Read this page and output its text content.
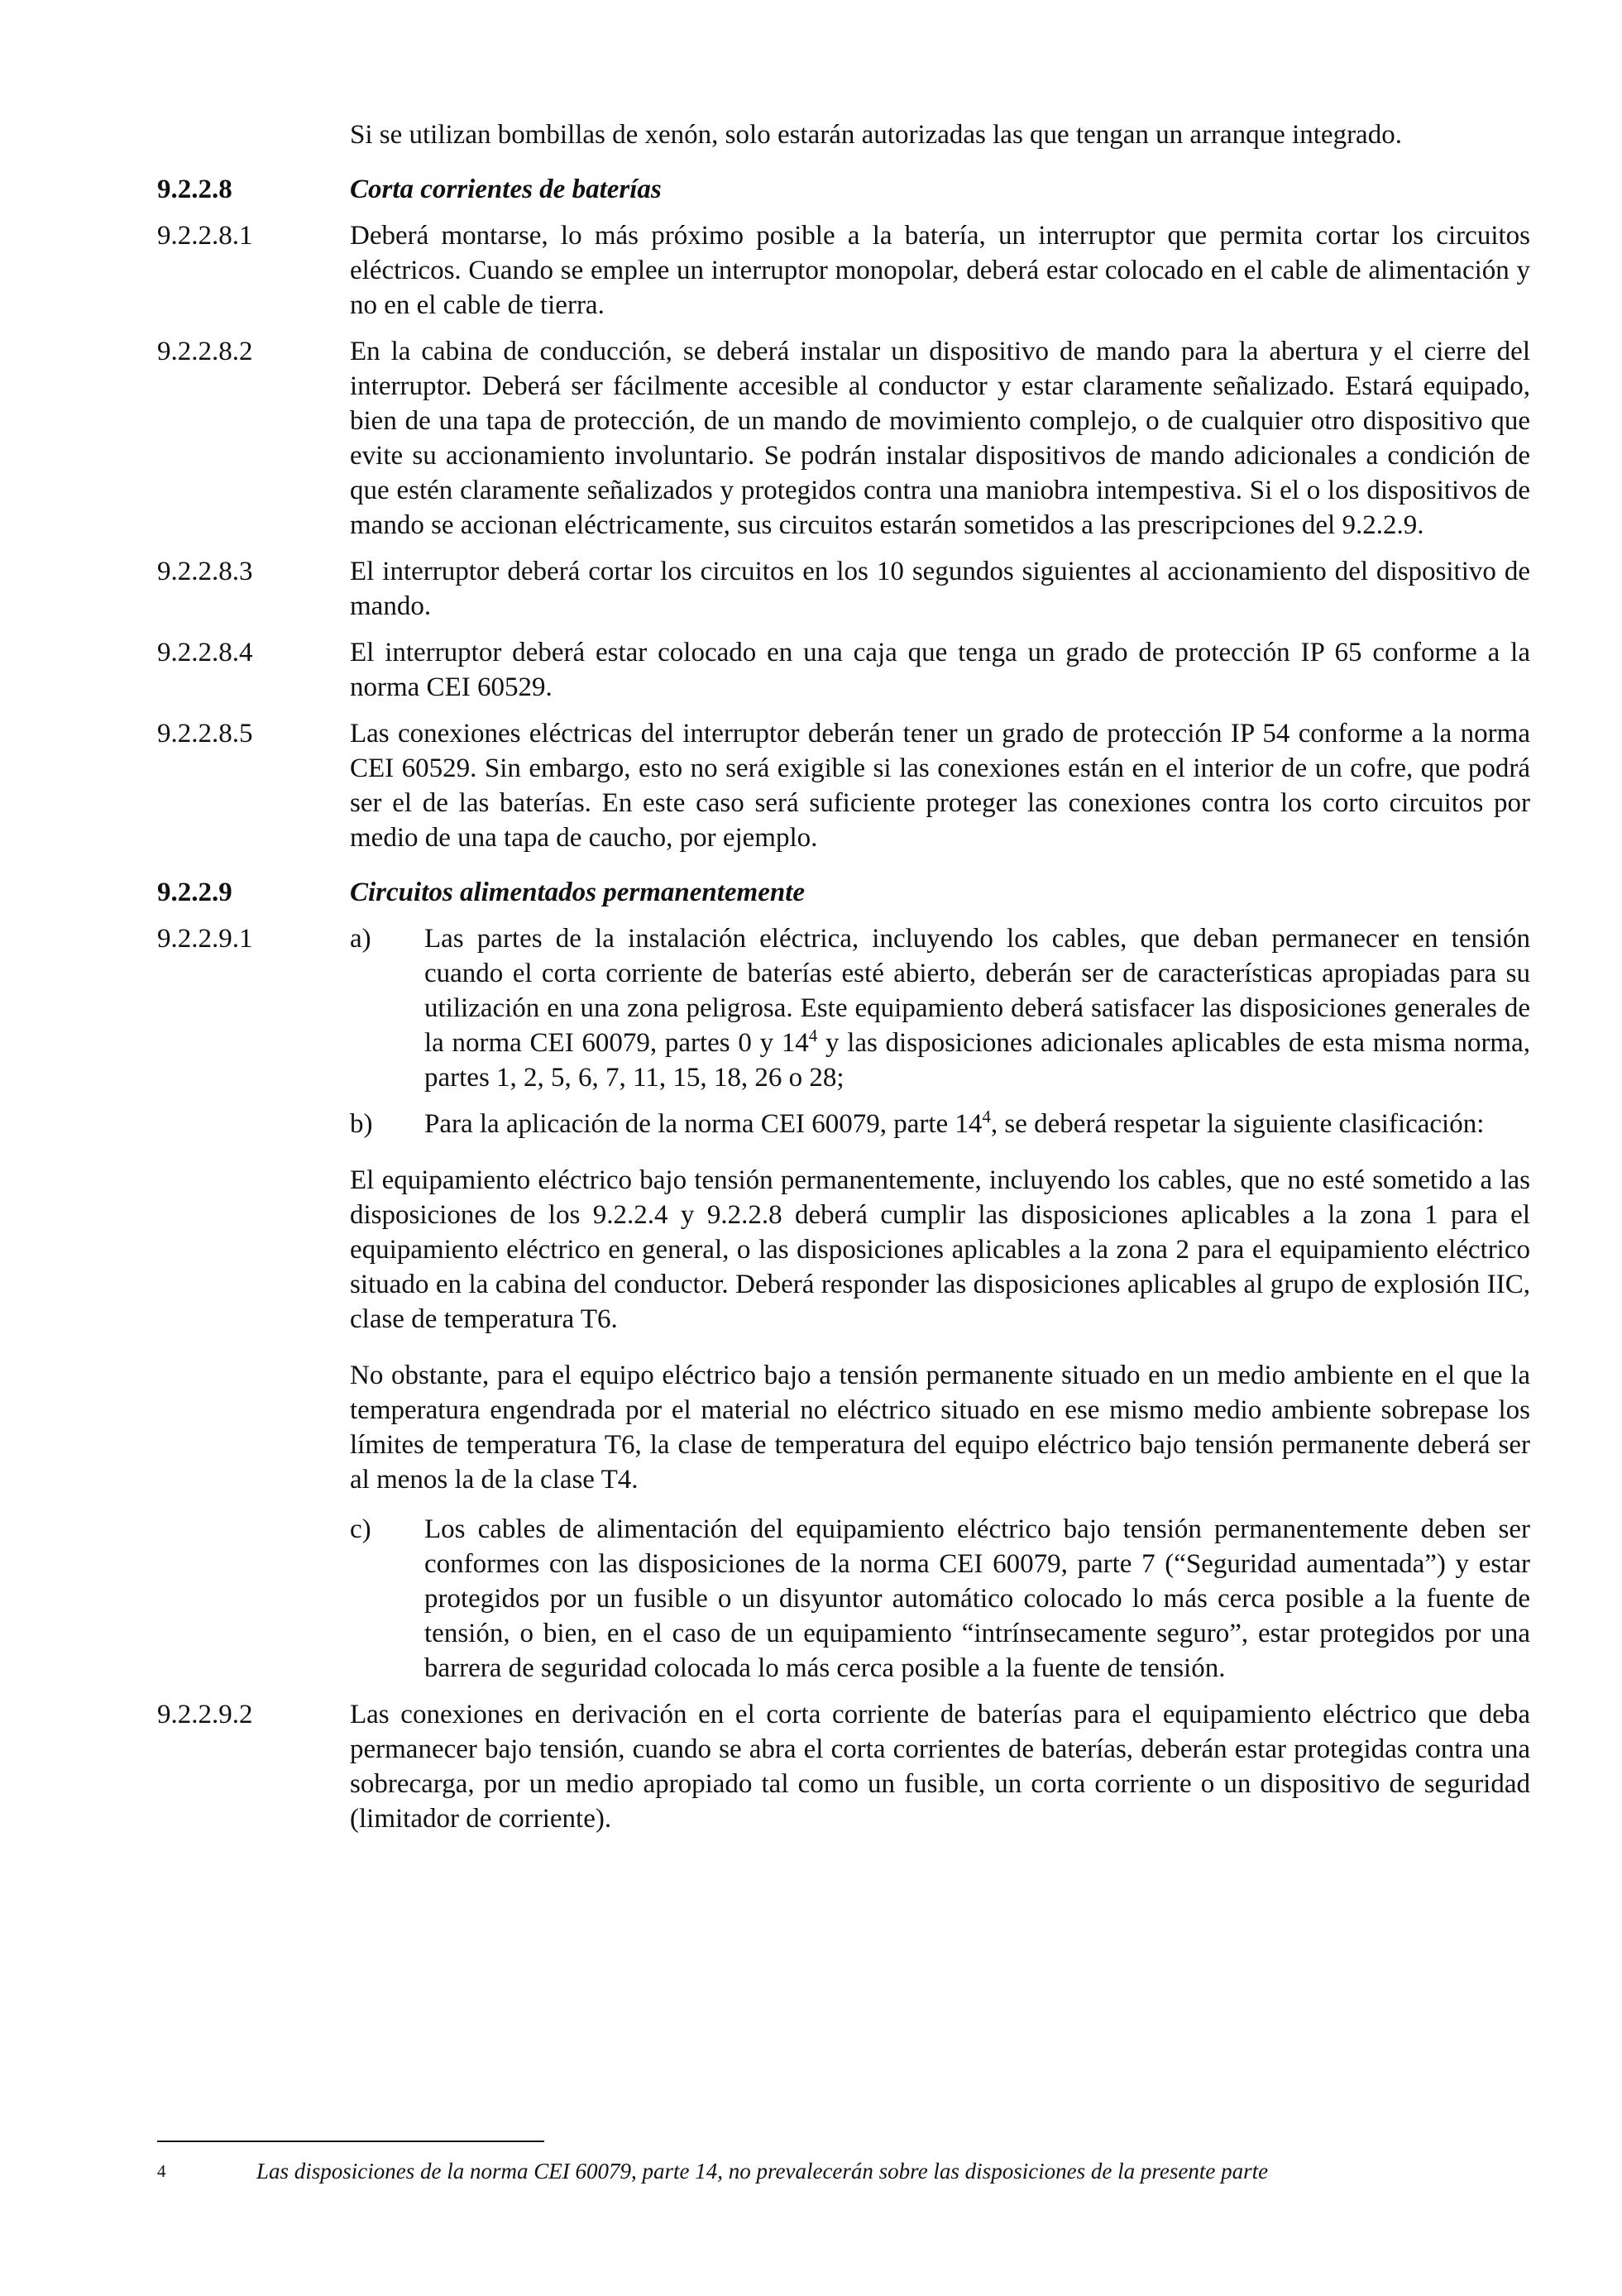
Si se utilizan bombillas de xenón, solo estarán autorizadas las que tengan un arranque integrado.

9.2.2.8	Corta corrientes de baterías
9.2.2.8.1	Deberá montarse, lo más próximo posible a la batería, un interruptor que permita cortar los circuitos eléctricos. Cuando se emplee un interruptor monopolar, deberá estar colocado en el cable de alimentación y no en el cable de tierra.
9.2.2.8.2	En la cabina de conducción, se deberá instalar un dispositivo de mando para la abertura y el cierre del interruptor. Deberá ser fácilmente accesible al conductor y estar claramente señalizado. Estará equipado, bien de una tapa de protección, de un mando de movimiento complejo, o de cualquier otro dispositivo que evite su accionamiento involuntario. Se podrán instalar dispositivos de mando adicionales a condición de que estén claramente señalizados y protegidos contra una maniobra intempestiva. Si el o los dispositivos de mando se accionan eléctricamente, sus circuitos estarán sometidos a las prescripciones del 9.2.2.9.
9.2.2.8.3	El interruptor deberá cortar los circuitos en los 10 segundos siguientes al accionamiento del dispositivo de mando.
9.2.2.8.4	El interruptor deberá estar colocado en una caja que tenga un grado de protección IP 65 conforme a la norma CEI 60529.
9.2.2.8.5	Las conexiones eléctricas del interruptor deberán tener un grado de protección IP 54 conforme a la norma CEI 60529. Sin embargo, esto no será exigible si las conexiones están en el interior de un cofre, que podrá ser el de las baterías. En este caso será suficiente proteger las conexiones contra los corto circuitos por medio de una tapa de caucho, por ejemplo.
9.2.2.9	Circuitos alimentados permanentemente
9.2.2.9.1	a)	Las partes de la instalación eléctrica, incluyendo los cables, que deban permanecer en tensión cuando el corta corriente de baterías esté abierto, deberán ser de características apropiadas para su utilización en una zona peligrosa. Este equipamiento deberá satisfacer las disposiciones generales de la norma CEI 60079, partes 0 y $14^4$ y las disposiciones adicionales aplicables de esta misma norma, partes 1, 2, 5, 6, 7, 11, 15, 18, 26 o 28;
b)	Para la aplicación de la norma CEI 60079, parte $14^4$, se deberá respetar la siguiente clasificación:

El equipamiento eléctrico bajo tensión permanentemente, incluyendo los cables, que no esté sometido a las disposiciones de los 9.2.2.4 y 9.2.2.8 deberá cumplir las disposiciones aplicables a la zona 1 para el equipamiento eléctrico en general, o las disposiciones aplicables a la zona 2 para el equipamiento eléctrico situado en la cabina del conductor. Deberá responder las disposiciones aplicables al grupo de explosión IIC, clase de temperatura T6.

No obstante, para el equipo eléctrico bajo a tensión permanente situado en un medio ambiente en el que la temperatura engendrada por el material no eléctrico situado en ese mismo medio ambiente sobrepase los límites de temperatura T6, la clase de temperatura del equipo eléctrico bajo tensión permanente deberá ser al menos la de la clase T4.

c)	Los cables de alimentación del equipamiento eléctrico bajo tensión permanentemente deben ser conformes con las disposiciones de la norma CEI 60079, parte 7 (“Seguridad aumentada”) y estar protegidos por un fusible o un disyuntor automático colocado lo más cerca posible a la fuente de tensión, o bien, en el caso de un equipamiento “intrínsecamente seguro”, estar protegidos por una barrera de seguridad colocada lo más cerca posible a la fuente de tensión.
9.2.2.9.2	Las conexiones en derivación en el corta corriente de baterías para el equipamiento eléctrico que deba permanecer bajo tensión, cuando se abra el corta corrientes de baterías, deberán estar protegidas contra una sobrecarga, por un medio apropiado tal como un fusible, un corta corriente o un dispositivo de seguridad (limitador de corriente).
4	Las disposiciones de la norma CEI 60079, parte 14, no prevalecerán sobre las disposiciones de la presente parte
